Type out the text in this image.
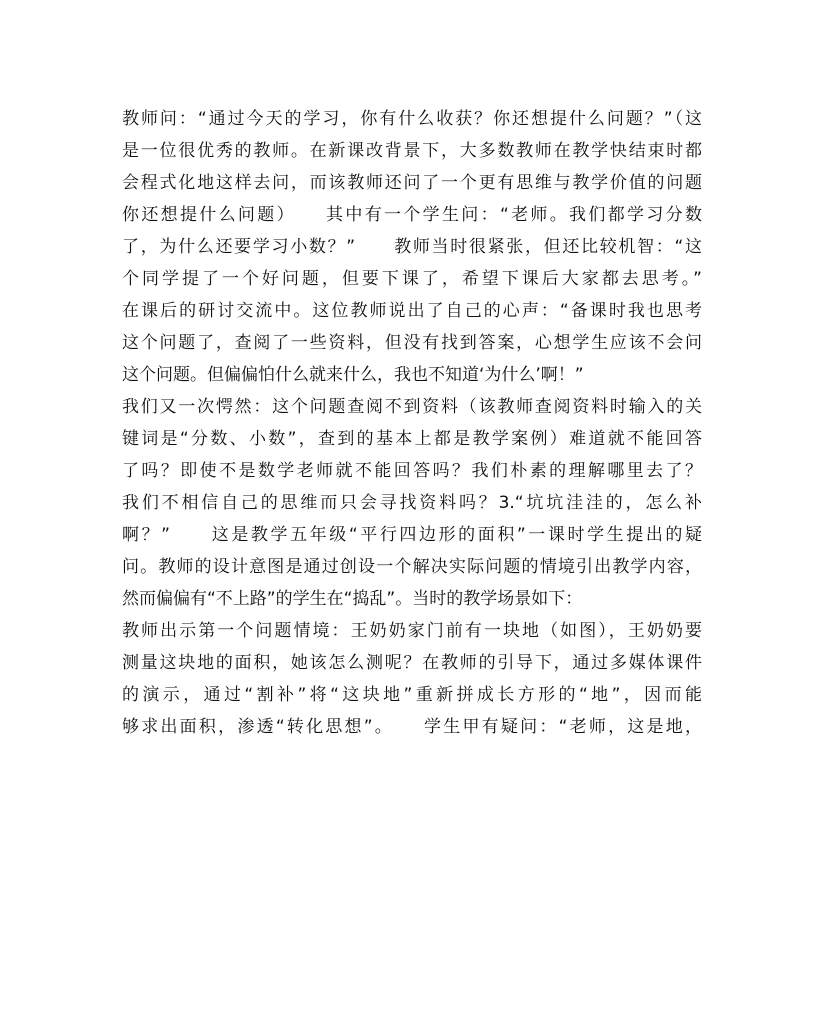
教师问：“通过今天的学习，你有什么收获？你还想提什么问题？”（这
是一位很优秀的教师。在新课改背景下，大多数教师在教学快结束时都
会程式化地这样去问，而该教师还问了一个更有思维与教学价值的问题
你还想提什么问题）　　其中有一个学生问：“老师。我们都学习分数
了，为什么还要学习小数？”　　教师当时很紧张，但还比较机智：“这
个同学提了一个好问题，但要下课了，希望下课后大家都去思考。”
在课后的研讨交流中。这位教师说出了自己的心声：“备课时我也思考
这个问题了，查阅了一些资料，但没有找到答案，心想学生应该不会问
这个问题。但偏偏怕什么就来什么，我也不知道‘为什么’啊！”
我们又一次愕然：这个问题查阅不到资料（该教师查阅资料时输入的关
键词是“分数、小数”，查到的基本上都是教学案例）难道就不能回答
了吗？即使不是数学老师就不能回答吗？我们朴素的理解哪里去了？
我们不相信自己的思维而只会寻找资料吗？3.“坑坑洼洼的，怎么补
啊？”　　这是教学五年级“平行四边形的面积”一课时学生提出的疑
问。教师的设计意图是通过创设一个解决实际问题的情境引出教学内容，
然而偏偏有“不上路”的学生在“捣乱”。当时的教学场景如下：
教师出示第一个问题情境：王奶奶家门前有一块地（如图），王奶奶要
测量这块地的面积，她该怎么测呢？在教师的引导下，通过多媒体课件
的演示，通过“割补”将“这块地”重新拼成长方形的“地”，因而能
够求出面积，渗透“转化思想”。　　学生甲有疑问：“老师，这是地，
